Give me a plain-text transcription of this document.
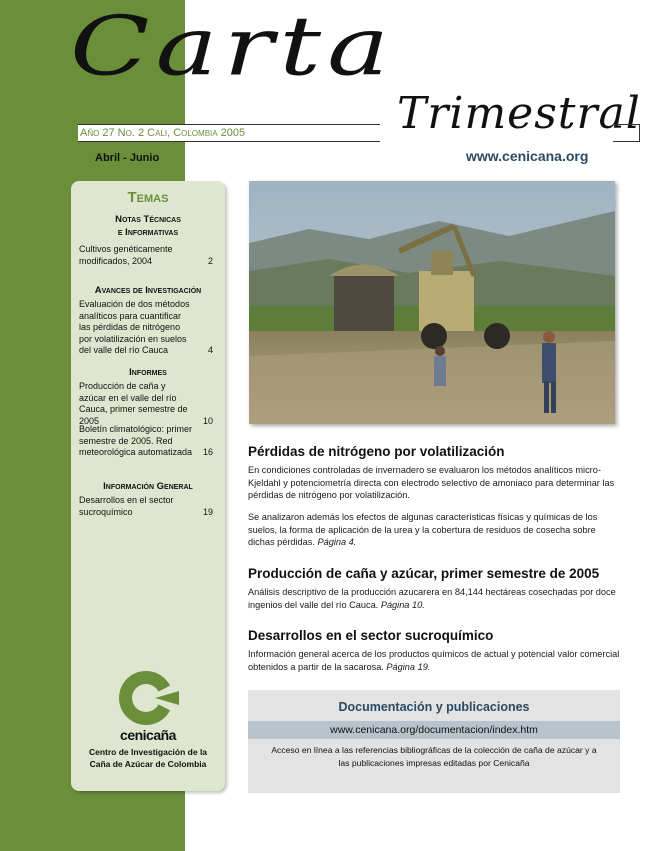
Carta
Trimestral
Año 27 No. 2 Cali, Colombia 2005
Abril - Junio	www.cenicana.org
Temas
Notas Técnicas
e Informativas
Cultivos genéticamente modificados, 2004	2
Avances de Investigación
Evaluación de dos métodos analíticos para cuantificar las pérdidas de nitrógeno por volatilización en suelos del valle del río Cauca	4
Informes
Producción de caña y azúcar en el valle del río Cauca, primer semestre de 2005	10
Boletín climatológico: primer semestre de 2005. Red meteorológica automatizada	16
Información General
Desarrollos en el sector sucroquímico	19
cenicaña
Centro de Investigación de la Caña de Azúcar de Colombia
Pérdidas de nitrógeno por volatilización
En condiciones controladas de invernadero se evaluaron los métodos analíticos micro-Kjeldahl y potenciometría directa con electrodo selectivo de amoniaco para determinar las pérdidas de nitrógeno por volatilización.
Se analizaron además los efectos de algunas características físicas y químicas de los suelos, la forma de aplicación de la urea y la cobertura de residuos de cosecha sobre dichas pérdidas. Página 4.
Producción de caña y azúcar, primer semestre de 2005
Análisis descriptivo de la producción azucarera en 84,144 hectáreas cosechadas por doce ingenios del valle del río Cauca. Página 10.
Desarrollos en el sector sucroquímico
Información general acerca de los productos químicos de actual y potencial valor comercial obtenidos a partir de la sacarosa. Página 19.
Documentación y publicaciones
www.cenicana.org/documentacion/index.htm
Acceso en línea a las referencias bibliográficas de la colección de caña de azúcar y a las publicaciones impresas editadas por Cenicaña
